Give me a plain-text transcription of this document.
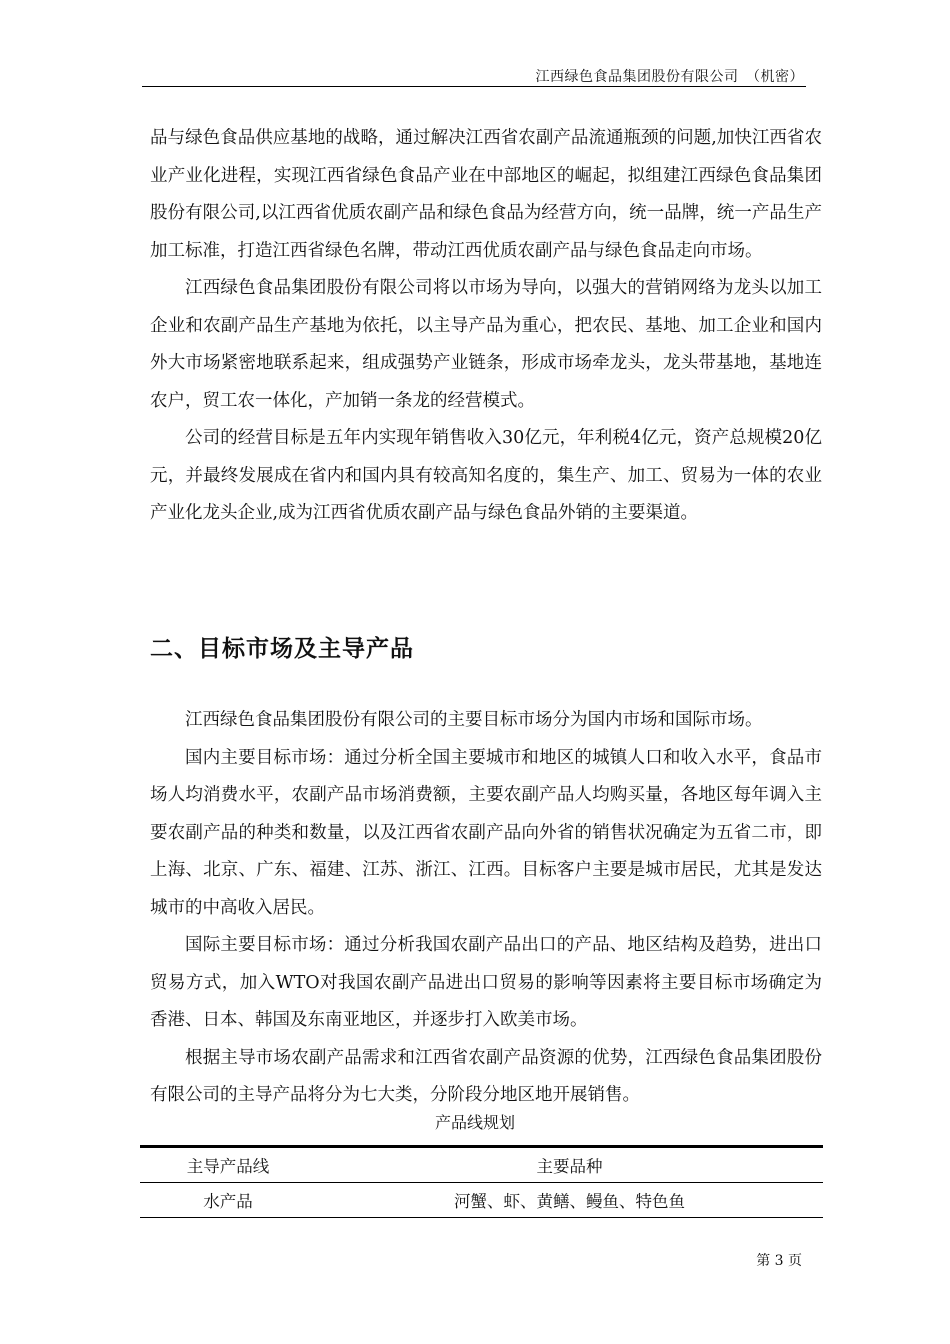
江西绿色食品集团股份有限公司　（机密）

品与绿色食品供应基地的战略，通过解决江西省农副产品流通瓶颈的问题,加快江西省农业产业化进程，实现江西省绿色食品产业在中部地区的崛起，拟组建江西绿色食品集团股份有限公司,以江西省优质农副产品和绿色食品为经营方向，统一品牌，统一产品生产加工标准，打造江西省绿色名牌，带动江西优质农副产品与绿色食品走向市场。

江西绿色食品集团股份有限公司将以市场为导向，以强大的营销网络为龙头以加工企业和农副产品生产基地为依托，以主导产品为重心，把农民、基地、加工企业和国内外大市场紧密地联系起来，组成强势产业链条，形成市场牵龙头，龙头带基地，基地连农户，贸工农一体化，产加销一条龙的经营模式。

公司的经营目标是五年内实现年销售收入30亿元，年利税4亿元，资产总规模20亿元，并最终发展成在省内和国内具有较高知名度的，集生产、加工、贸易为一体的农业产业化龙头企业,成为江西省优质农副产品与绿色食品外销的主要渠道。

二、目标市场及主导产品

江西绿色食品集团股份有限公司的主要目标市场分为国内市场和国际市场。

国内主要目标市场：通过分析全国主要城市和地区的城镇人口和收入水平，食品市场人均消费水平，农副产品市场消费额，主要农副产品人均购买量，各地区每年调入主要农副产品的种类和数量，以及江西省农副产品向外省的销售状况确定为五省二市，即上海、北京、广东、福建、江苏、浙江、江西。目标客户主要是城市居民，尤其是发达城市的中高收入居民。

国际主要目标市场：通过分析我国农副产品出口的产品、地区结构及趋势，进出口贸易方式，加入WTO对我国农副产品进出口贸易的影响等因素将主要目标市场确定为香港、日本、韩国及东南亚地区，并逐步打入欧美市场。

根据主导市场农副产品需求和江西省农副产品资源的优势，江西绿色食品集团股份有限公司的主导产品将分为七大类，分阶段分地区地开展销售。

产品线规划
主导产品线	主要品种
水产品	河蟹、虾、黄鳝、鳗鱼、特色鱼
第 3 页
